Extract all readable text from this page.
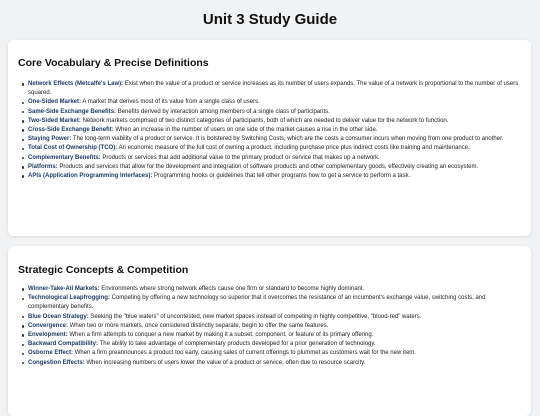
Unit 3 Study Guide
Core Vocabulary & Precise Definitions
Network Effects (Metcalfe's Law): Exist when the value of a product or service increases as its number of users expands. The value of a network is proportional to the number of users squared.
One-Sided Market: A market that derives most of its value from a single class of users.
Same-Side Exchange Benefits: Benefits derived by interaction among members of a single class of participants.
Two-Sided Market: Network markets comprised of two distinct categories of participants, both of which are needed to deliver value for the network to function.
Cross-Side Exchange Benefit: When an increase in the number of users on one side of the market causes a rise in the other side.
Staying Power: The long-term viability of a product or service. It is bolstered by Switching Costs, which are the costs a consumer incurs when moving from one product to another.
Total Cost of Ownership (TCO): An economic measure of the full cost of owning a product, including purchase price plus indirect costs like training and maintenance.
Complementary Benefits: Products or services that add additional value to the primary product or service that makes up a network.
Platforms: Products and services that allow for the development and integration of software products and other complementary goods, effectively creating an ecosystem.
APIs (Application Programming Interfaces): Programming hooks or guidelines that tell other programs how to get a service to perform a task.
Strategic Concepts & Competition
Winner-Take-All Markets: Environments where strong network effects cause one firm or standard to become highly dominant.
Technological Leapfrogging: Competing by offering a new technology so superior that it overcomes the resistance of an incumbent's exchange value, switching costs, and complementary benefits.
Blue Ocean Strategy: Seeking the "blue waters" of uncontested, new market spaces instead of competing in highly competitive, "blood-red" waters.
Convergence: When two or more markets, once considered distinctly separate, begin to offer the same features.
Envelopment: When a firm attempts to conquer a new market by making it a subset, component, or feature of its primary offering.
Backward Compatibility: The ability to take advantage of complementary products developed for a prior generation of technology.
Osborne Effect: When a firm preannounces a product too early, causing sales of current offerings to plummet as customers wait for the new item.
Congestion Effects: When increasing numbers of users lower the value of a product or service, often due to resource scarcity.
